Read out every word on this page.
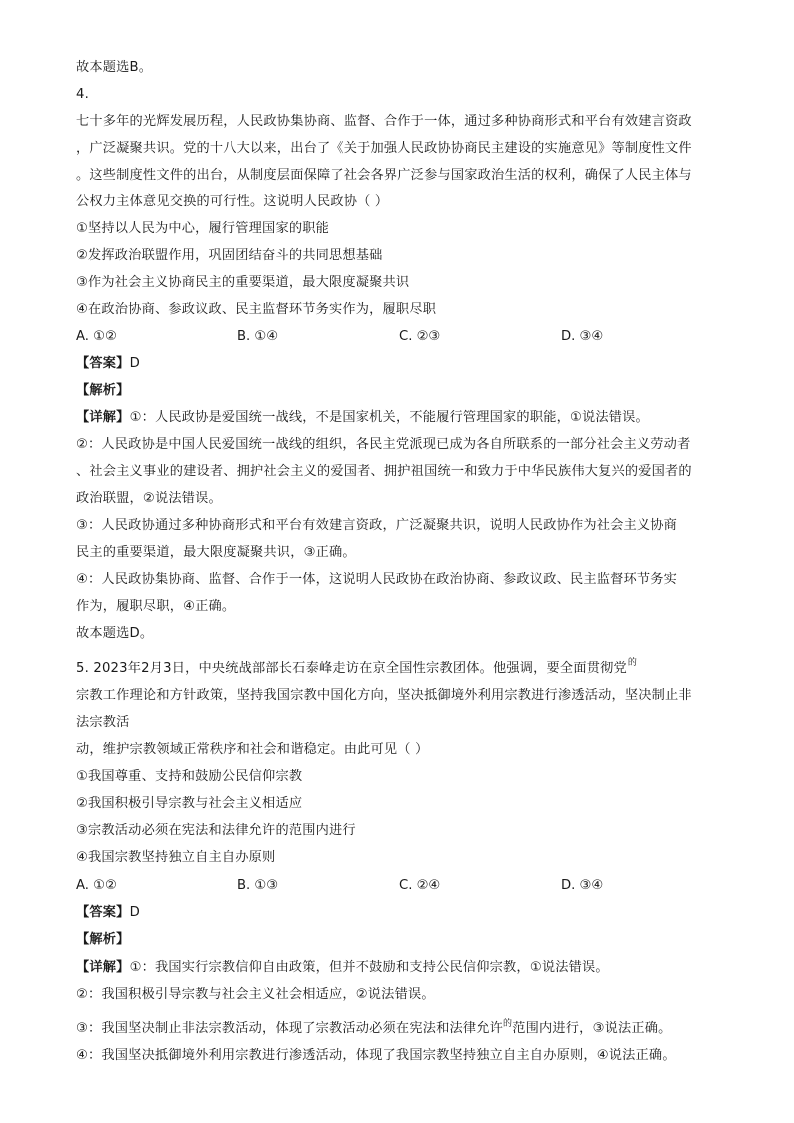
故本题选B。
4.
七十多年的光辉发展历程，人民政协集协商、监督、合作于一体，通过多种协商形式和平台有效建言资政
，广泛凝聚共识。党的十八大以来，出台了《关于加强人民政协协商民主建设的实施意见》等制度性文件
。这些制度性文件的出台，从制度层面保障了社会各界广泛参与国家政治生活的权利，确保了人民主体与
公权力主体意见交换的可行性。这说明人民政协（ ）
①坚持以人民为中心，履行管理国家的职能
②发挥政治联盟作用，巩固团结奋斗的共同思想基础
③作为社会主义协商民主的重要渠道，最大限度凝聚共识
④在政治协商、参政议政、民主监督环节务实作为，履职尽职
A. ①②	B. ①④	C. ②③	D. ③④
【答案】D
【解析】
【详解】①：人民政协是爱国统一战线，不是国家机关，不能履行管理国家的职能，①说法错误。
②：人民政协是中国人民爱国统一战线的组织，各民主党派现已成为各自所联系的一部分社会主义劳动者
、社会主义事业的建设者、拥护社会主义的爱国者、拥护祖国统一和致力于中华民族伟大复兴的爱国者的
政治联盟，②说法错误。
③：人民政协通过多种协商形式和平台有效建言资政，广泛凝聚共识，说明人民政协作为社会主义协商
民主的重要渠道，最大限度凝聚共识，③正确。
④：人民政协集协商、监督、合作于一体，这说明人民政协在政治协商、参政议政、民主监督环节务实
作为，履职尽职，④正确。
故本题选D。
5. 2023年2月3日，中央统战部部长石泰峰走访在京全国性宗教团体。他强调，要全面贯彻党$^的$
宗教工作理论和方针政策，坚持我国宗教中国化方向，坚决抵御境外利用宗教进行渗透活动，坚决制止非
法宗教活
动，维护宗教领域正常秩序和社会和谐稳定。由此可见（ ）
①我国尊重、支持和鼓励公民信仰宗教
②我国积极引导宗教与社会主义相适应
③宗教活动必须在宪法和法律允许的范围内进行
④我国宗教坚持独立自主自办原则
A. ①②	B. ①③	C. ②④	D. ③④
【答案】D
【解析】
【详解】①：我国实行宗教信仰自由政策，但并不鼓励和支持公民信仰宗教，①说法错误。
②：我国积极引导宗教与社会主义社会相适应，②说法错误。
③：我国坚决制止非法宗教活动，体现了宗教活动必须在宪法和法律允许$^的$范围内进行，③说法正确。
④：我国坚决抵御境外利用宗教进行渗透活动，体现了我国宗教坚持独立自主自办原则，④说法正确。
